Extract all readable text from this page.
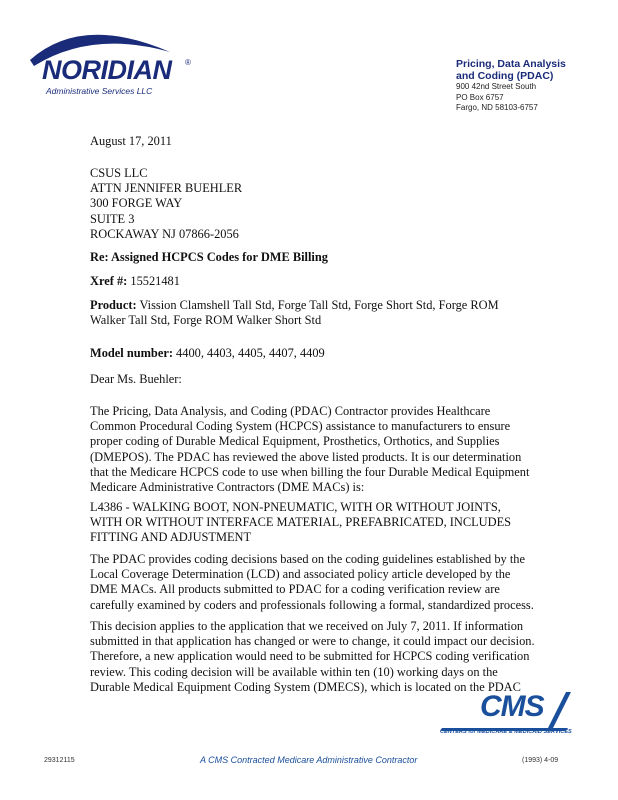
NORIDIAN ®
Administrative Services LLC
Pricing, Data Analysis
and Coding (PDAC)
900 42nd Street South
PO Box 6757
Fargo, ND 58103-6757
August 17, 2011
CSUS LLC
ATTN JENNIFER BUEHLER
300 FORGE WAY
SUITE 3
ROCKAWAY NJ 07866-2056
Re: Assigned HCPCS Codes for DME Billing
Xref #: 15521481
Product: Vission Clamshell Tall Std, Forge Tall Std, Forge Short Std, Forge ROM
Walker Tall Std, Forge ROM Walker Short Std
Model number: 4400, 4403, 4405, 4407, 4409
Dear Ms. Buehler:
The Pricing, Data Analysis, and Coding (PDAC) Contractor provides Healthcare
Common Procedural Coding System (HCPCS) assistance to manufacturers to ensure
proper coding of Durable Medical Equipment, Prosthetics, Orthotics, and Supplies
(DMEPOS). The PDAC has reviewed the above listed products. It is our determination
that the Medicare HCPCS code to use when billing the four Durable Medical Equipment
Medicare Administrative Contractors (DME MACs) is:
L4386 - WALKING BOOT, NON-PNEUMATIC, WITH OR WITHOUT JOINTS,
WITH OR WITHOUT INTERFACE MATERIAL, PREFABRICATED, INCLUDES
FITTING AND ADJUSTMENT
The PDAC provides coding decisions based on the coding guidelines established by the
Local Coverage Determination (LCD) and associated policy article developed by the
DME MACs. All products submitted to PDAC for a coding verification review are
carefully examined by coders and professionals following a formal, standardized process.
This decision applies to the application that we received on July 7, 2011. If information
submitted in that application has changed or were to change, it could impact our decision.
Therefore, a new application would need to be submitted for HCPCS coding verification
review. This coding decision will be available within ten (10) working days on the
Durable Medical Equipment Coding System (DMECS), which is located on the PDAC
CMS
CENTERS for MEDICARE & MEDICAID SERVICES
29312115	A CMS Contracted Medicare Administrative Contractor	(1993) 4-09
